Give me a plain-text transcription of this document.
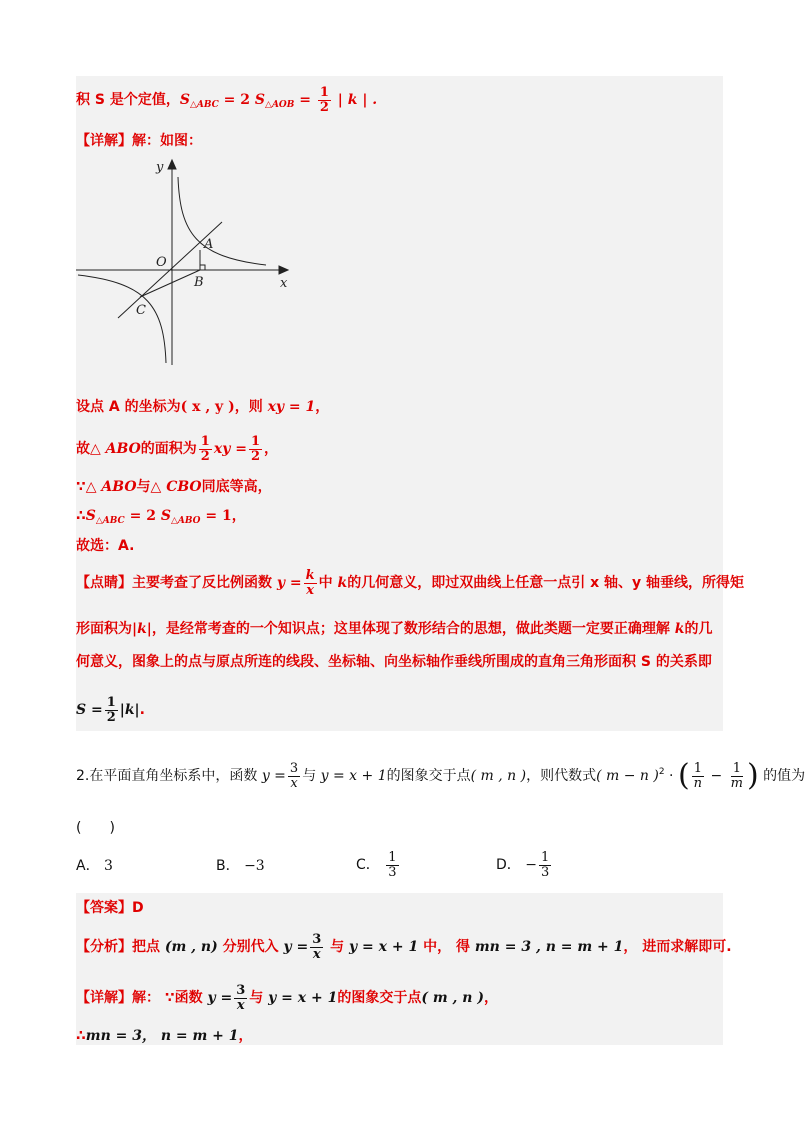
积 S 是个定值，$S_{\triangle ABC} = 2$ $S_{\triangle AOB} = \frac{1}{2}$ | k | .
【详解】解：如图：
y
x
O
A
B
C
设点 A 的坐标为( x , y )，则 xy = 1，
故△ ABO的面积为 $\frac{1}{2}$ xy = $\frac{1}{2}$ ，
∵△ ABO与△ CBO同底等高，
$\therefore S_{\triangle ABC} = 2$ $S_{\triangle ABO} = 1$，
故选：A.
【点睛】主要考查了反比例函数 $y = \frac{k}{x}$ 中 k的几何意义，即过双曲线上任意一点引 x 轴、y 轴垂线，所得矩
形面积为|k|，是经常考查的一个知识点；这里体现了数形结合的思想，做此类题一定要正确理解 k的几
何意义，图象上的点与原点所连的线段、坐标轴、向坐标轴作垂线所围成的直角三角形面积 S 的关系即
$S = \frac{1}{2} |k|$.
2.在平面直角坐标系中，函数 $y = \frac{3}{x}$ 与 y = x + 1的图象交于点( m , n )，则代数式( m − n )$^2$ · ( $\frac{1}{n} - \frac{1}{m}$ ) 的值为
(　　)
A． 3	B． −3	C． $\frac{1}{3}$	D． − $\frac{1}{3}$
【答案】D
【分析】把点 (m , n) 分别代入 $y = \frac{3}{x}$ 与 y = x + 1 中， 得 mn = 3 , n = m + 1， 进而求解即可.
【详解】解： ∵函数 $y = \frac{3}{x}$ 与 y = x + 1的图象交于点( m , n )，
∴mn = 3， n = m + 1，
